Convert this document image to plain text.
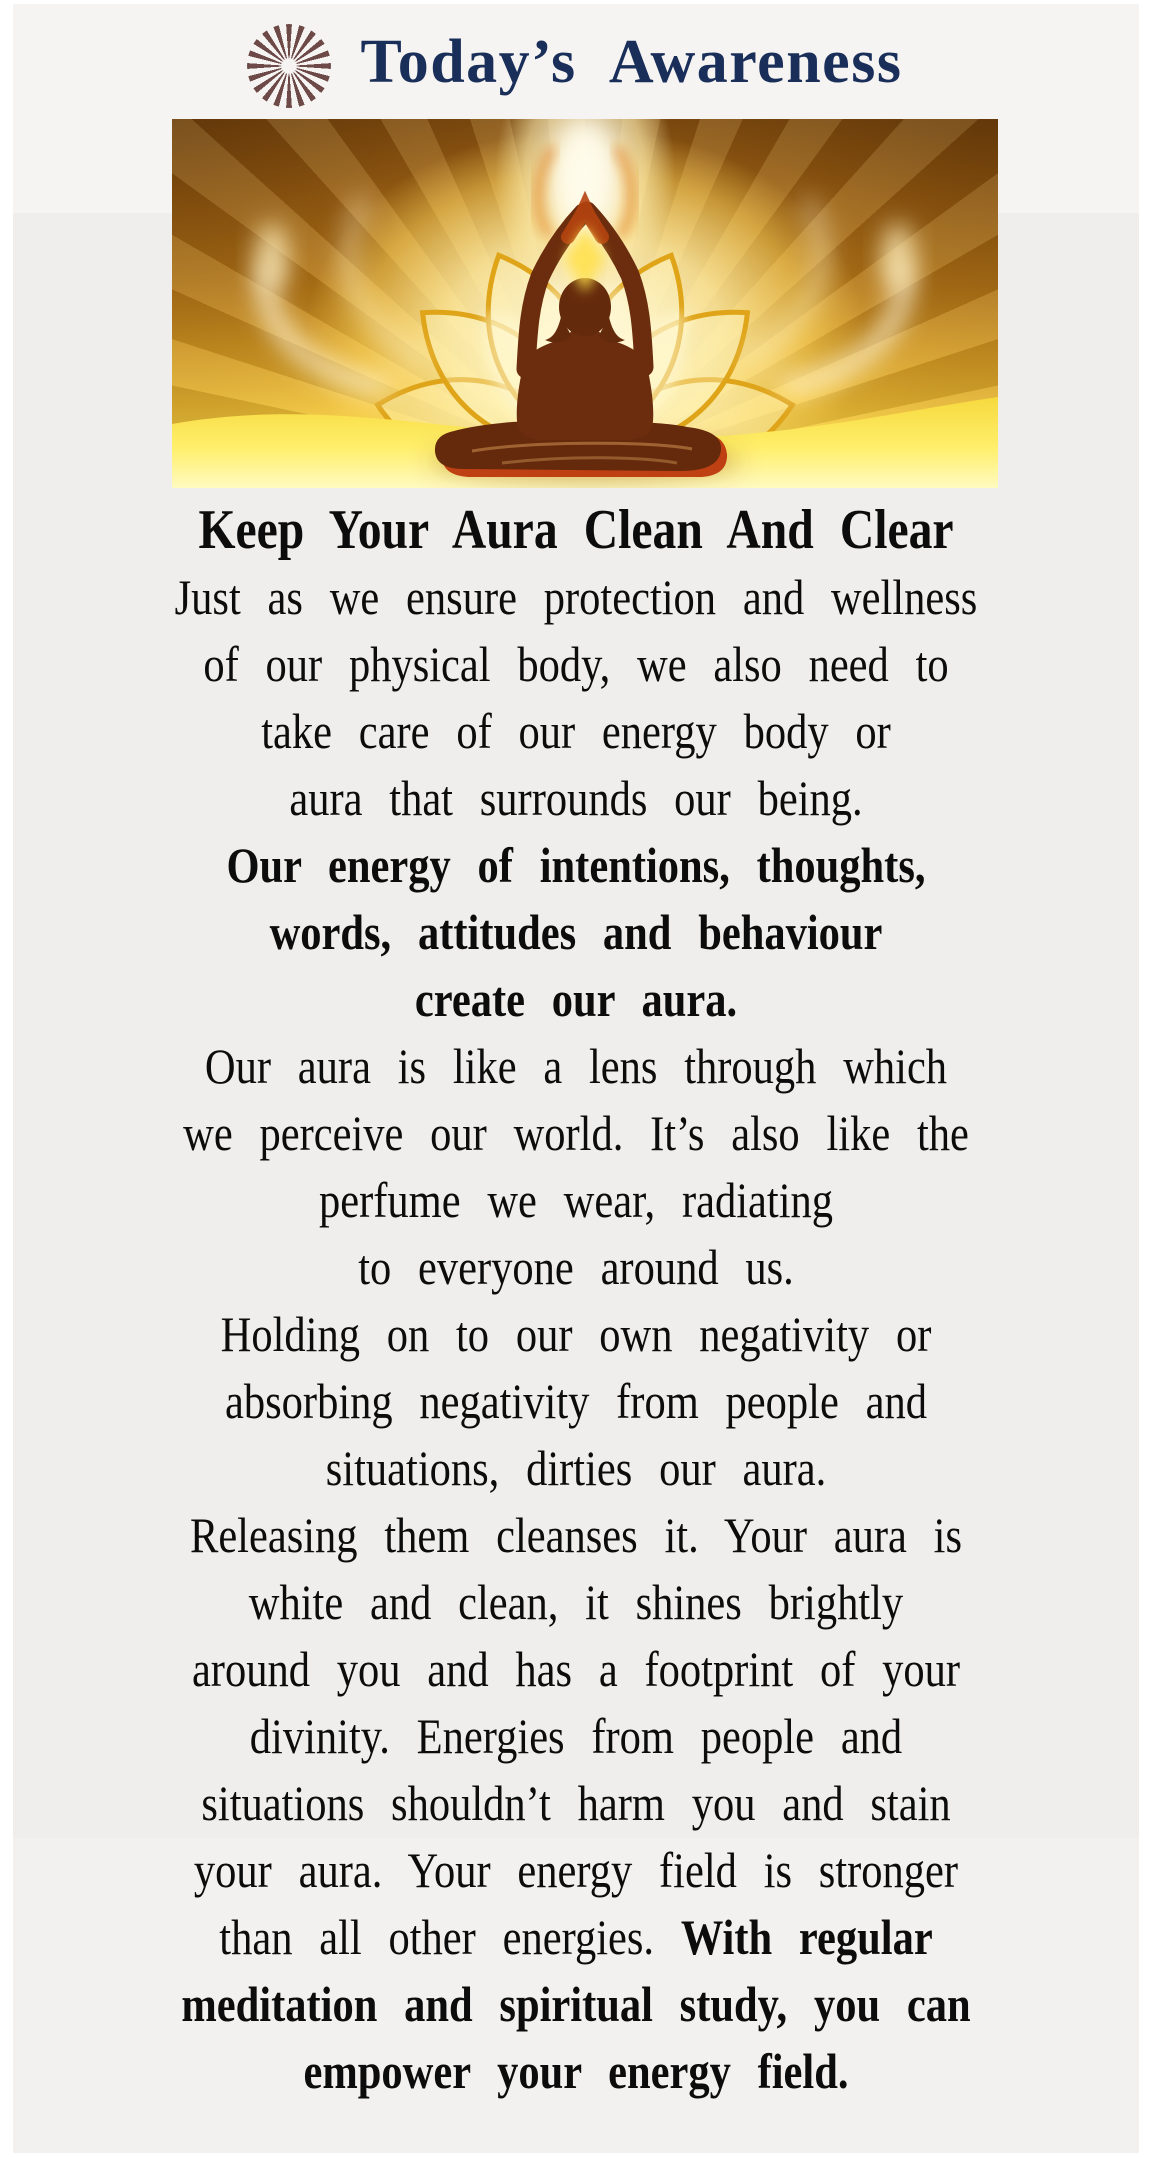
Today’s Awareness
Keep Your Aura Clean And Clear
Just as we ensure protection and wellness
of our physical body, we also need to
take care of our energy body or
aura that surrounds our being.
Our energy of intentions, thoughts,
words, attitudes and behaviour
create our aura.
Our aura is like a lens through which
we perceive our world. It’s also like the
perfume we wear, radiating
to everyone around us.
Holding on to our own negativity or
absorbing negativity from people and
situations, dirties our aura.
Releasing them cleanses it. Your aura is
white and clean, it shines brightly
around you and has a footprint of your
divinity. Energies from people and
situations shouldn’t harm you and stain
your aura. Your energy field is stronger
than all other energies. With regular
meditation and spiritual study, you can
empower your energy field.
